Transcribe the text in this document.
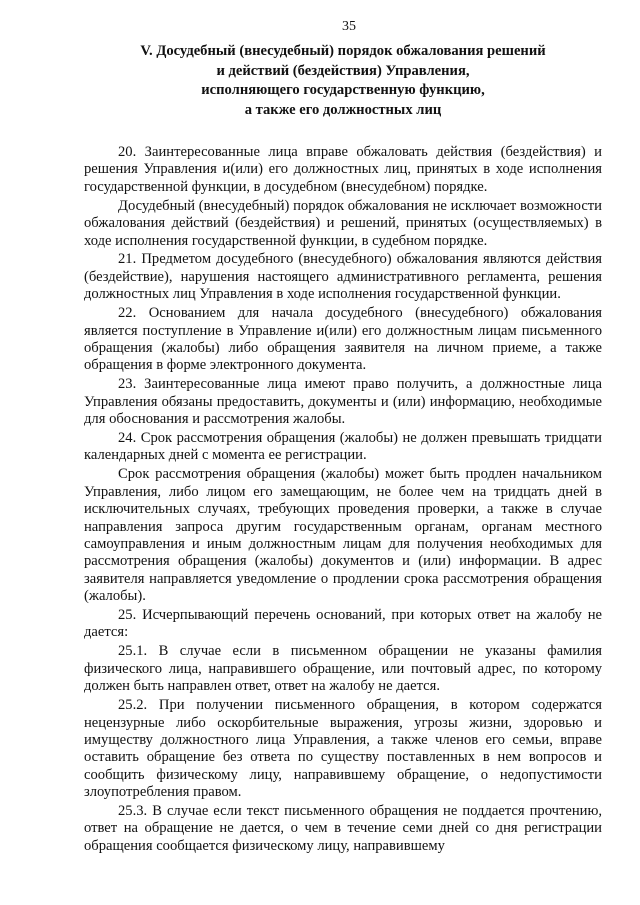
35
V. Досудебный (внесудебный) порядок обжалования решений
и действий (бездействия) Управления,
исполняющего государственную функцию,
а также его должностных лиц

20. Заинтересованные лица вправе обжаловать действия (бездействия) и решения Управления и(или) его должностных лиц, принятых в ходе исполнения государственной функции, в досудебном (внесудебном) порядке.

Досудебный (внесудебный) порядок обжалования не исключает возможности обжалования действий (бездействия) и решений, принятых (осуществляемых) в ходе исполнения государственной функции, в судебном порядке.

21. Предметом досудебного (внесудебного) обжалования являются действия (бездействие), нарушения настоящего административного регламента, решения должностных лиц Управления в ходе исполнения государственной функции.

22. Основанием для начала досудебного (внесудебного) обжалования является поступление в Управление и(или) его должностным лицам письменного обращения (жалобы) либо обращения заявителя на личном приеме, а также обращения в форме электронного документа.

23. Заинтересованные лица имеют право получить, а должностные лица Управления обязаны предоставить, документы и (или) информацию, необходимые для обоснования и рассмотрения жалобы.

24. Срок рассмотрения обращения (жалобы) не должен превышать тридцати календарных дней с момента ее регистрации.

Срок рассмотрения обращения (жалобы) может быть продлен начальником Управления, либо лицом его замещающим, не более чем на тридцать дней в исключительных случаях, требующих проведения проверки, а также в случае направления запроса другим государственным органам, органам местного самоуправления и иным должностным лицам для получения необходимых для рассмотрения обращения (жалобы) документов и (или) информации. В адрес заявителя направляется уведомление о продлении срока рассмотрения обращения (жалобы).

25. Исчерпывающий перечень оснований, при которых ответ на жалобу не дается:

25.1. В случае если в письменном обращении не указаны фамилия физического лица, направившего обращение, или почтовый адрес, по которому должен быть направлен ответ, ответ на жалобу не дается.

25.2. При получении письменного обращения, в котором содержатся нецензурные либо оскорбительные выражения, угрозы жизни, здоровью и имуществу должностного лица Управления, а также членов его семьи, вправе оставить обращение без ответа по существу поставленных в нем вопросов и сообщить физическому лицу, направившему обращение, о недопустимости злоупотребления правом.

25.3. В случае если текст письменного обращения не поддается прочтению, ответ на обращение не дается, о чем в течение семи дней со дня регистрации обращения сообщается физическому лицу, направившему
